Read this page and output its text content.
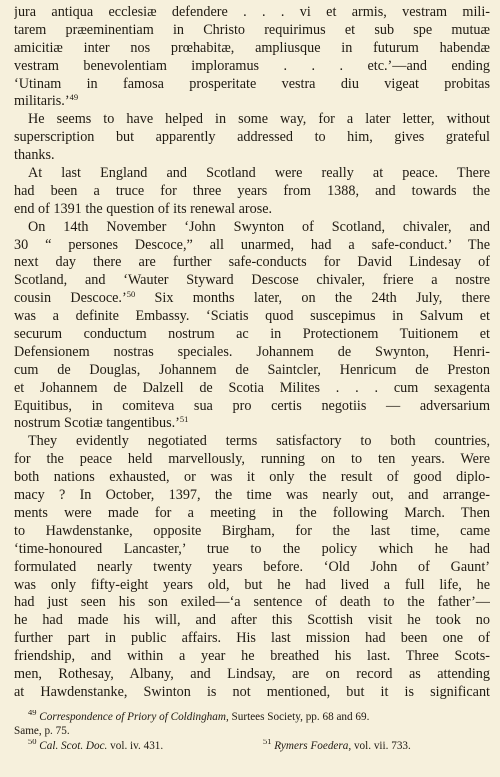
jura antiqua ecclesiæ defendere . . . vi et armis, vestram mili-
tarem præeminentiam in Christo requirimus et sub spe mutuæ
amicitiæ inter nos prœhabitæ, ampliusque in futurum habendæ
vestram benevolentiam imploramus . . . etc.’—and ending
‘Utinam in famosa prosperitate vestra diu vigeat probitas
militaris.’$^{49}$
He seems to have helped in some way, for a later letter, without
superscription but apparently addressed to him, gives grateful
thanks.
At last England and Scotland were really at peace. There
had been a truce for three years from 1388, and towards the
end of 1391 the question of its renewal arose.
On 14th November ‘John Swynton of Scotland, chivaler, and
30 “ persones Descoce,” all unarmed, had a safe-conduct.’ The
next day there are further safe-conducts for David Lindesay of
Scotland, and ‘Wauter Styward Descose chivaler, friere a nostre
cousin Descoce.’$^{50}$ Six months later, on the 24th July, there
was a definite Embassy. ‘Sciatis quod suscepimus in Salvum et
securum conductum nostrum ac in Protectionem Tuitionem et
Defensionem nostras speciales. Johannem de Swynton, Henri-
cum de Douglas, Johannem de Saintcler, Henricum de Preston
et Johannem de Dalzell de Scotia Milites . . . cum sexagenta
Equitibus, in comiteva sua pro certis negotiis — adversarium
nostrum Scotiæ tangentibus.’$^{51}$
They evidently negotiated terms satisfactory to both countries,
for the peace held marvellously, running on to ten years. Were
both nations exhausted, or was it only the result of good diplo-
macy ? In October, 1397, the time was nearly out, and arrange-
ments were made for a meeting in the following March. Then
to Hawdenstanke, opposite Birgham, for the last time, came
‘time-honoured Lancaster,’ true to the policy which he had
formulated nearly twenty years before. ‘Old John of Gaunt’
was only fifty-eight years old, but he had lived a full life, he
had just seen his son exiled—‘a sentence of death to the father’—
he had made his will, and after this Scottish visit he took no
further part in public affairs. His last mission had been one of
friendship, and within a year he breathed his last. Three Scots-
men, Rothesay, Albany, and Lindsay, are on record as attending
at Hawdenstanke, Swinton is not mentioned, but it is significant
$^{49}$ Correspondence of Priory of Coldingham, Surtees Society, pp. 68 and 69.
Same, p. 75.
$^{50}$ Cal. Scot. Doc. vol. iv. 431.	$^{51}$ Rymers Foedera, vol. vii. 733.
